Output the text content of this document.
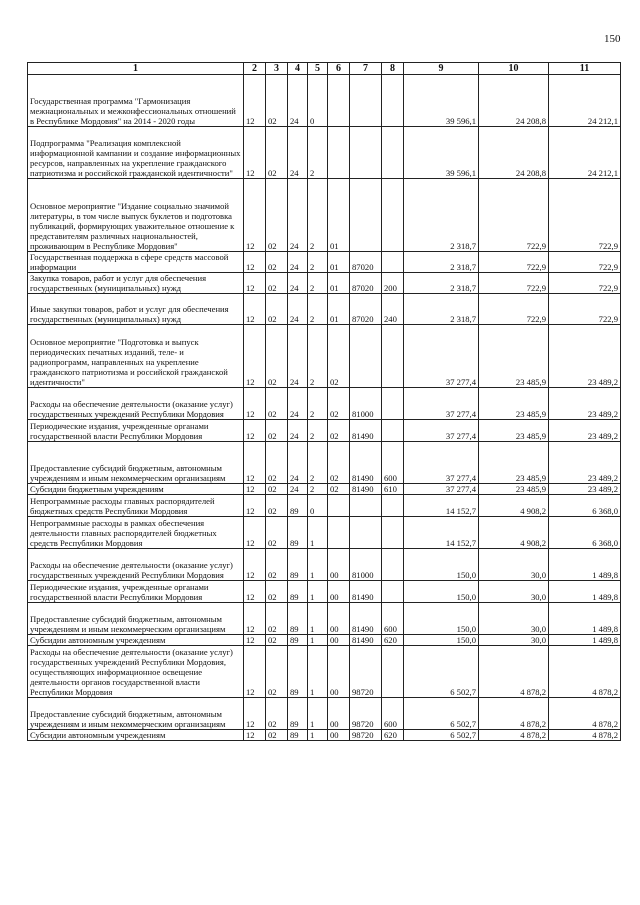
150
1	2	3	4	5	6	7	8	9	10	11
Государственная программа "Гармонизация межнациональных и межконфессиональных отношений в Республике Мордовия" на 2014 - 2020 годы	12	02	24	0				39 596,1	24 208,8	24 212,1
Подпрограмма "Реализация комплексной информационной кампании и создание информационных ресурсов, направленных на укрепление гражданского патриотизма и российской гражданской идентичности"	12	02	24	2				39 596,1	24 208,8	24 212,1
Основное мероприятие "Издание социально значимой литературы, в том числе выпуск буклетов и подготовка публикаций, формирующих уважительное отношение к представителям различных национальностей, проживающим в Республике Мордовия"	12	02	24	2	01			2 318,7	722,9	722,9
Государственная поддержка в сфере средств массовой информации	12	02	24	2	01	87020		2 318,7	722,9	722,9
Закупка товаров, работ и услуг для обеспечения государственных (муниципальных) нужд	12	02	24	2	01	87020	200	2 318,7	722,9	722,9
Иные закупки товаров, работ и услуг для обеспечения государственных (муниципальных) нужд	12	02	24	2	01	87020	240	2 318,7	722,9	722,9
Основное мероприятие "Подготовка и выпуск периодических печатных изданий, теле- и радиопрограмм, направленных на укрепление гражданского патриотизма и российской гражданской идентичности"	12	02	24	2	02			37 277,4	23 485,9	23 489,2
Расходы на обеспечение деятельности (оказание услуг) государственных учреждений Республики Мордовия	12	02	24	2	02	81000		37 277,4	23 485,9	23 489,2
Периодические издания, учрежденные органами государственной власти Республики Мордовия	12	02	24	2	02	81490		37 277,4	23 485,9	23 489,2
Предоставление субсидий бюджетным, автономным учреждениям и иным некоммерческим организациям	12	02	24	2	02	81490	600	37 277,4	23 485,9	23 489,2
Субсидии бюджетным учреждениям	12	02	24	2	02	81490	610	37 277,4	23 485,9	23 489,2
Непрограммные расходы главных распорядителей бюджетных средств Республики Мордовия	12	02	89	0				14 152,7	4 908,2	6 368,0
Непрограммные расходы в рамках обеспечения деятельности главных распорядителей бюджетных средств Республики Мордовия	12	02	89	1				14 152,7	4 908,2	6 368,0
Расходы на обеспечение деятельности (оказание услуг) государственных учреждений Республики Мордовия	12	02	89	1	00	81000		150,0	30,0	1 489,8
Периодические издания, учрежденные органами государственной власти Республики Мордовия	12	02	89	1	00	81490		150,0	30,0	1 489,8
Предоставление субсидий бюджетным, автономным учреждениям и иным некоммерческим организациям	12	02	89	1	00	81490	600	150,0	30,0	1 489,8
Субсидии автономным учреждениям	12	02	89	1	00	81490	620	150,0	30,0	1 489,8
Расходы на обеспечение деятельности (оказание услуг) государственных учреждений Республики Мордовия, осуществляющих информационное освещение деятельности органов государственной власти Республики Мордовия	12	02	89	1	00	98720		6 502,7	4 878,2	4 878,2
Предоставление субсидий бюджетным, автономным учреждениям и иным некоммерческим организациям	12	02	89	1	00	98720	600	6 502,7	4 878,2	4 878,2
Субсидии автономным учреждениям	12	02	89	1	00	98720	620	6 502,7	4 878,2	4 878,2
